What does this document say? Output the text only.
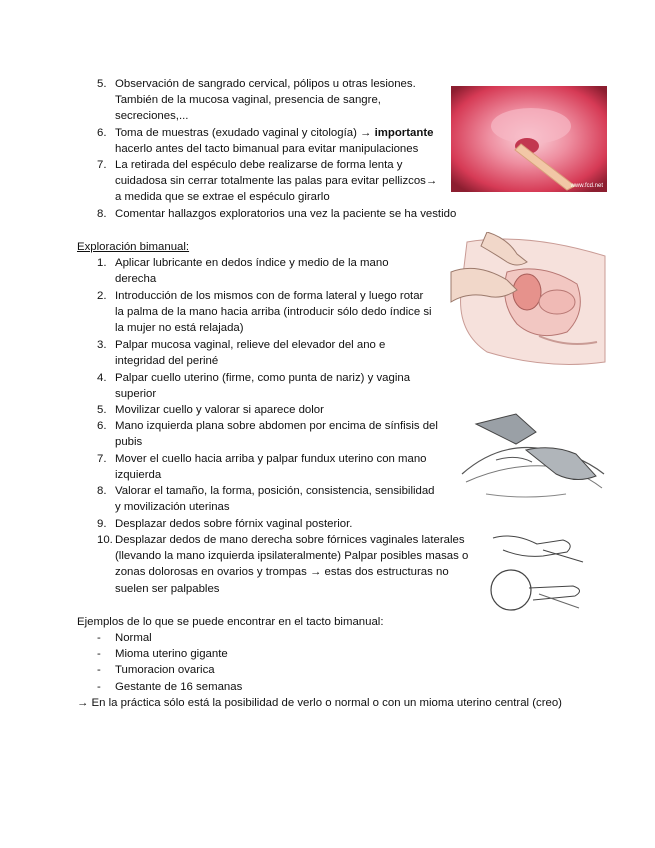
5. Observación de sangrado cervical, pólipos u otras lesiones.
También de la mucosa vaginal, presencia de sangre,
secreciones,...
6. Toma de muestras (exudado vaginal y citología) → importante
hacerlo antes del tacto bimanual para evitar manipulaciones
7. La retirada del espéculo debe realizarse de forma lenta y
cuidadosa sin cerrar totalmente las palas para evitar pellizcos→
a medida que se extrae el espéculo girarlo
8. Comentar hallazgos exploratorios una vez la paciente se ha vestido
Exploración bimanual:
1. Aplicar lubricante en dedos índice y medio de la mano
derecha
2. Introducción de los mismos con de forma lateral y luego rotar
la palma de la mano hacia arriba (introducir sólo dedo índice si
la mujer no está relajada)
3. Palpar mucosa vaginal, relieve del elevador del ano e
integridad del periné
4. Palpar cuello uterino (firme, como punta de nariz) y vagina
superior
5. Movilizar cuello y valorar si aparece dolor
6. Mano izquierda plana sobre abdomen por encima de sínfisis del
pubis
7. Mover el cuello hacia arriba y palpar fundux uterino con mano
izquierda
8. Valorar el tamaño, la forma, posición, consistencia, sensibilidad
y movilización uterinas
9. Desplazar dedos sobre fórnix vaginal posterior.
10. Desplazar dedos de mano derecha sobre fórnices vaginales laterales
(llevando la mano izquierda ipsilateralmente) Palpar posibles masas o
zonas dolorosas en ovarios y trompas → estas dos estructuras no
suelen ser palpables
Ejemplos de lo que se puede encontrar en el tacto bimanual:
- Normal
- Mioma uterino gigante
- Tumoracion ovarica
- Gestante de 16 semanas
→ En la práctica sólo está la posibilidad de verlo o normal o con un mioma uterino central (creo)
www.fcd.net
